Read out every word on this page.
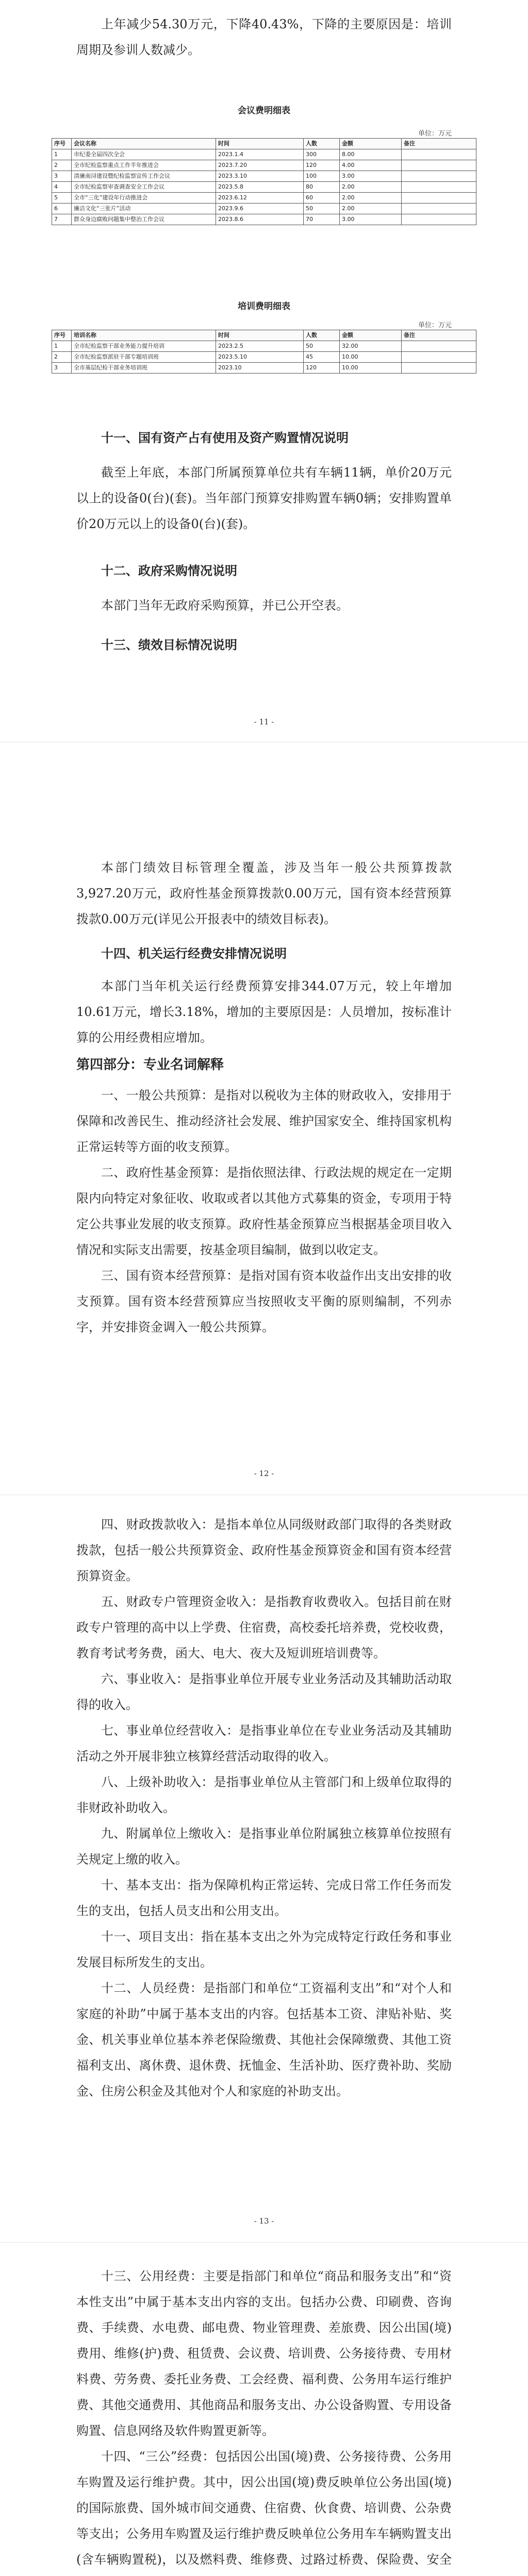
上年减少54.30万元，下降40.43%，下降的主要原因是：培训周期及参训人数减少。
会议费明细表
单位：万元
序号	会议名称	时间	人数	金额	备注
1	市纪委全届四次全会	2023.1.4	300	8.00	
2	全市纪检监察重点工作半年推进会	2023.7.20	120	4.00	
3	清廉南浔建设暨纪检监察宣传工作会议	2023.3.10	100	3.00	
4	全市纪检监察审查调查安全工作会议	2023.5.8	80	2.00	
5	全市“三化”建设年行动推进会	2023.6.12	60	2.00	
6	廉洁文化“三张片”活动	2023.9.6	50	2.00	
7	群众身边腐败问题集中整治工作会议	2023.8.6	70	3.00	
培训费明细表
单位：万元
序号	培训名称	时间	人数	金额	备注
1	全市纪检监察干部业务能力提升培训	2023.2.5	50	32.00	
2	全市纪检监察派驻干部专题培训班	2023.5.10	45	10.00	
3	全市基层纪检干部业务培训班	2023.10	120	10.00	
十一、国有资产占有使用及资产购置情况说明
截至上年底，本部门所属预算单位共有车辆11辆，单价20万元以上的设备0(台)(套)。当年部门预算安排购置车辆0辆；安排购置单价20万元以上的设备0(台)(套)。
十二、政府采购情况说明
本部门当年无政府采购预算，并已公开空表。
十三、绩效目标情况说明
- 11 -
本部门绩效目标管理全覆盖，涉及当年一般公共预算拨款3,927.20万元，政府性基金预算拨款0.00万元，国有资本经营预算拨款0.00万元(详见公开报表中的绩效目标表)。
十四、机关运行经费安排情况说明
本部门当年机关运行经费预算安排344.07万元，较上年增加10.61万元，增长3.18%，增加的主要原因是：人员增加，按标准计算的公用经费相应增加。
第四部分：专业名词解释
一、一般公共预算：是指对以税收为主体的财政收入，安排用于保障和改善民生、推动经济社会发展、维护国家安全、维持国家机构正常运转等方面的收支预算。
二、政府性基金预算：是指依照法律、行政法规的规定在一定期限内向特定对象征收、收取或者以其他方式募集的资金，专项用于特定公共事业发展的收支预算。政府性基金预算应当根据基金项目收入情况和实际支出需要，按基金项目编制，做到以收定支。
三、国有资本经营预算：是指对国有资本收益作出支出安排的收支预算。国有资本经营预算应当按照收支平衡的原则编制，不列赤字，并安排资金调入一般公共预算。
- 12 -
四、财政拨款收入：是指本单位从同级财政部门取得的各类财政拨款，包括一般公共预算资金、政府性基金预算资金和国有资本经营预算资金。
五、财政专户管理资金收入：是指教育收费收入。包括目前在财政专户管理的高中以上学费、住宿费，高校委托培养费，党校收费，教育考试考务费，函大、电大、夜大及短训班培训费等。
六、事业收入：是指事业单位开展专业业务活动及其辅助活动取得的收入。
七、事业单位经营收入：是指事业单位在专业业务活动及其辅助活动之外开展非独立核算经营活动取得的收入。
八、上级补助收入：是指事业单位从主管部门和上级单位取得的非财政补助收入。
九、附属单位上缴收入：是指事业单位附属独立核算单位按照有关规定上缴的收入。
十、基本支出：指为保障机构正常运转、完成日常工作任务而发生的支出，包括人员支出和公用支出。
十一、项目支出：指在基本支出之外为完成特定行政任务和事业发展目标所发生的支出。
十二、人员经费：是指部门和单位“工资福利支出”和“对个人和家庭的补助”中属于基本支出的内容。包括基本工资、津贴补贴、奖金、机关事业单位基本养老保险缴费、其他社会保障缴费、其他工资福利支出、离休费、退休费、抚恤金、生活补助、医疗费补助、奖励金、住房公积金及其他对个人和家庭的补助支出。
- 13 -
十三、公用经费：主要是指部门和单位“商品和服务支出”和“资本性支出”中属于基本支出内容的支出。包括办公费、印刷费、咨询费、手续费、水电费、邮电费、物业管理费、差旅费、因公出国(境)费用、维修(护)费、租赁费、会议费、培训费、公务接待费、专用材料费、劳务费、委托业务费、工会经费、福利费、公务用车运行维护费、其他交通费用、其他商品和服务支出、办公设备购置、专用设备购置、信息网络及软件购置更新等。
十四、“三公”经费：包括因公出国(境)费、公务接待费、公务用车购置及运行维护费。其中，因公出国(境)费反映单位公务出国(境)的国际旅费、国外城市间交通费、住宿费、伙食费、培训费、公杂费等支出；公务用车购置及运行维护费反映单位公务用车车辆购置支出(含车辆购置税)，以及燃料费、维修费、过路过桥费、保险费、安全
